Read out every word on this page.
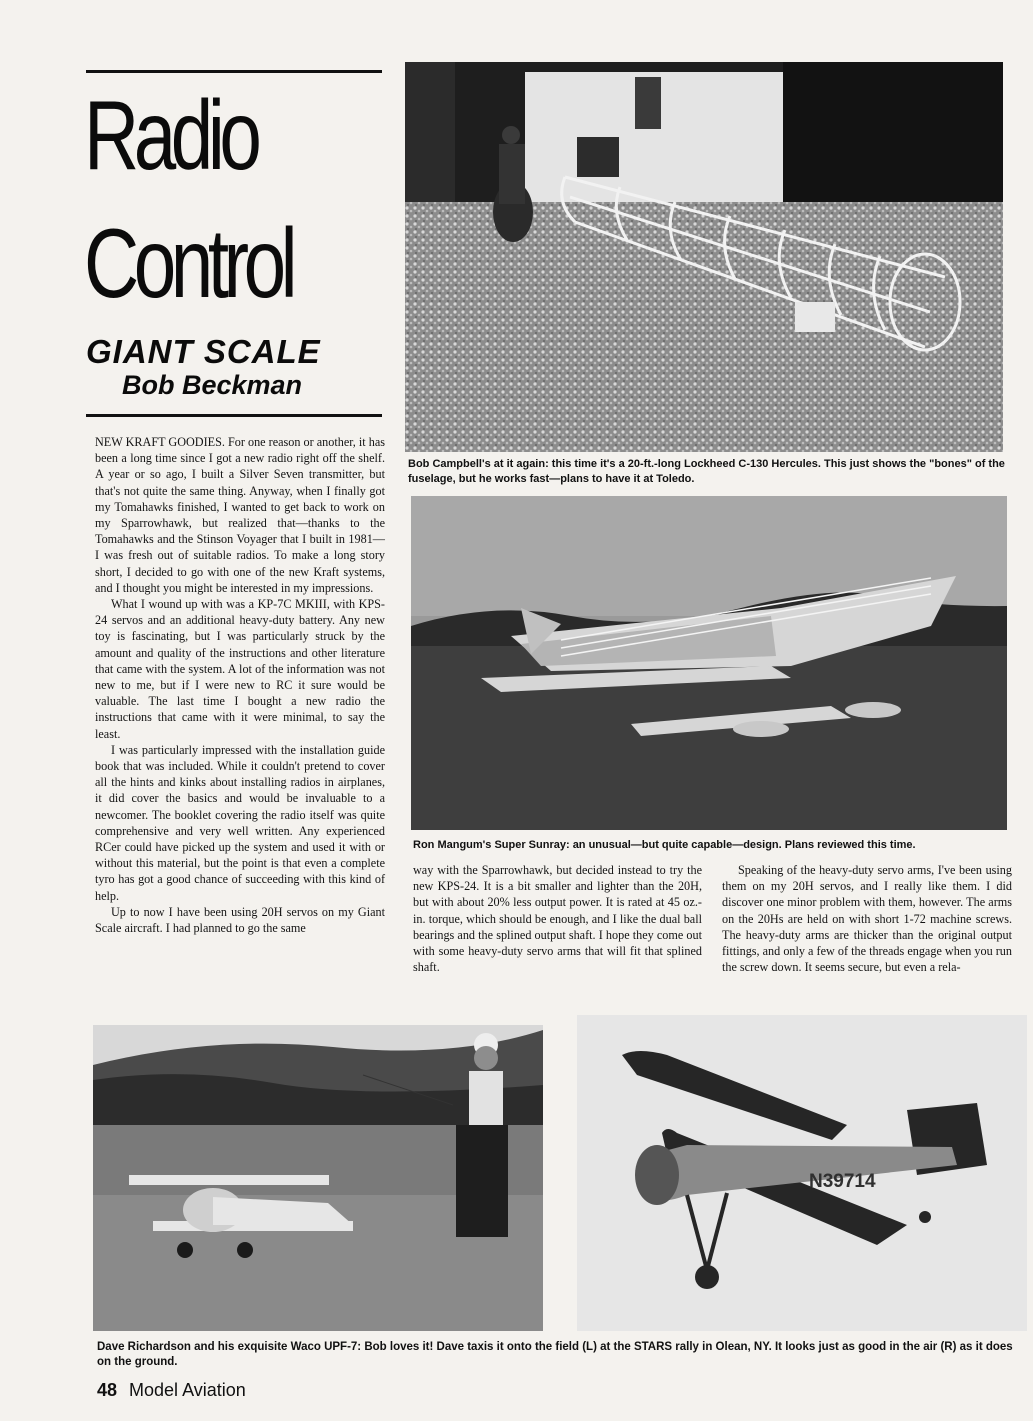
Radio
Control
GIANT SCALE
Bob Beckman

NEW KRAFT GOODIES. For one reason or another, it has been a long time since I got a new radio right off the shelf. A year or so ago, I built a Silver Seven transmitter, but that's not quite the same thing. Anyway, when I finally got my Tomahawks finished, I wanted to get back to work on my Sparrowhawk, but realized that—thanks to the Tomahawks and the Stinson Voyager that I built in 1981—I was fresh out of suitable radios. To make a long story short, I decided to go with one of the new Kraft systems, and I thought you might be interested in my impressions.

What I wound up with was a KP-7C MKIII, with KPS-24 servos and an additional heavy-duty battery. Any new toy is fascinating, but I was particularly struck by the amount and quality of the instructions and other literature that came with the system. A lot of the information was not new to me, but if I were new to RC it sure would be valuable. The last time I bought a new radio the instructions that came with it were minimal, to say the least.

I was particularly impressed with the installation guide book that was included. While it couldn't pretend to cover all the hints and kinks about installing radios in airplanes, it did cover the basics and would be invaluable to a newcomer. The booklet covering the radio itself was quite comprehensive and very well written. Any experienced RCer could have picked up the system and used it with or without this material, but the point is that even a complete tyro has got a good chance of succeeding with this kind of help.

Up to now I have been using 20H servos on my Giant Scale aircraft. I had planned to go the same

Bob Campbell's at it again: this time it's a 20-ft.-long Lockheed C-130 Hercules. This just shows the "bones" of the fuselage, but he works fast—plans to have it at Toledo.
Ron Mangum's Super Sunray: an unusual—but quite capable—design. Plans reviewed this time.

way with the Sparrowhawk, but decided instead to try the new KPS-24. It is a bit smaller and lighter than the 20H, but with about 20% less output power. It is rated at 45 oz.-in. torque, which should be enough, and I like the dual ball bearings and the splined output shaft. I hope they come out with some heavy-duty servo arms that will fit that splined shaft.

Speaking of the heavy-duty servo arms, I've been using them on my 20H servos, and I really like them. I did discover one minor problem with them, however. The arms on the 20Hs are held on with short 1-72 machine screws. The heavy-duty arms are thicker than the original output fittings, and only a few of the threads engage when you run the screw down. It seems secure, but even a rela-

N39714
Dave Richardson and his exquisite Waco UPF-7: Bob loves it! Dave taxis it onto the field (L) at the STARS rally in Olean, NY. It looks just as good in the air (R) as it does on the ground.
48 Model Aviation
